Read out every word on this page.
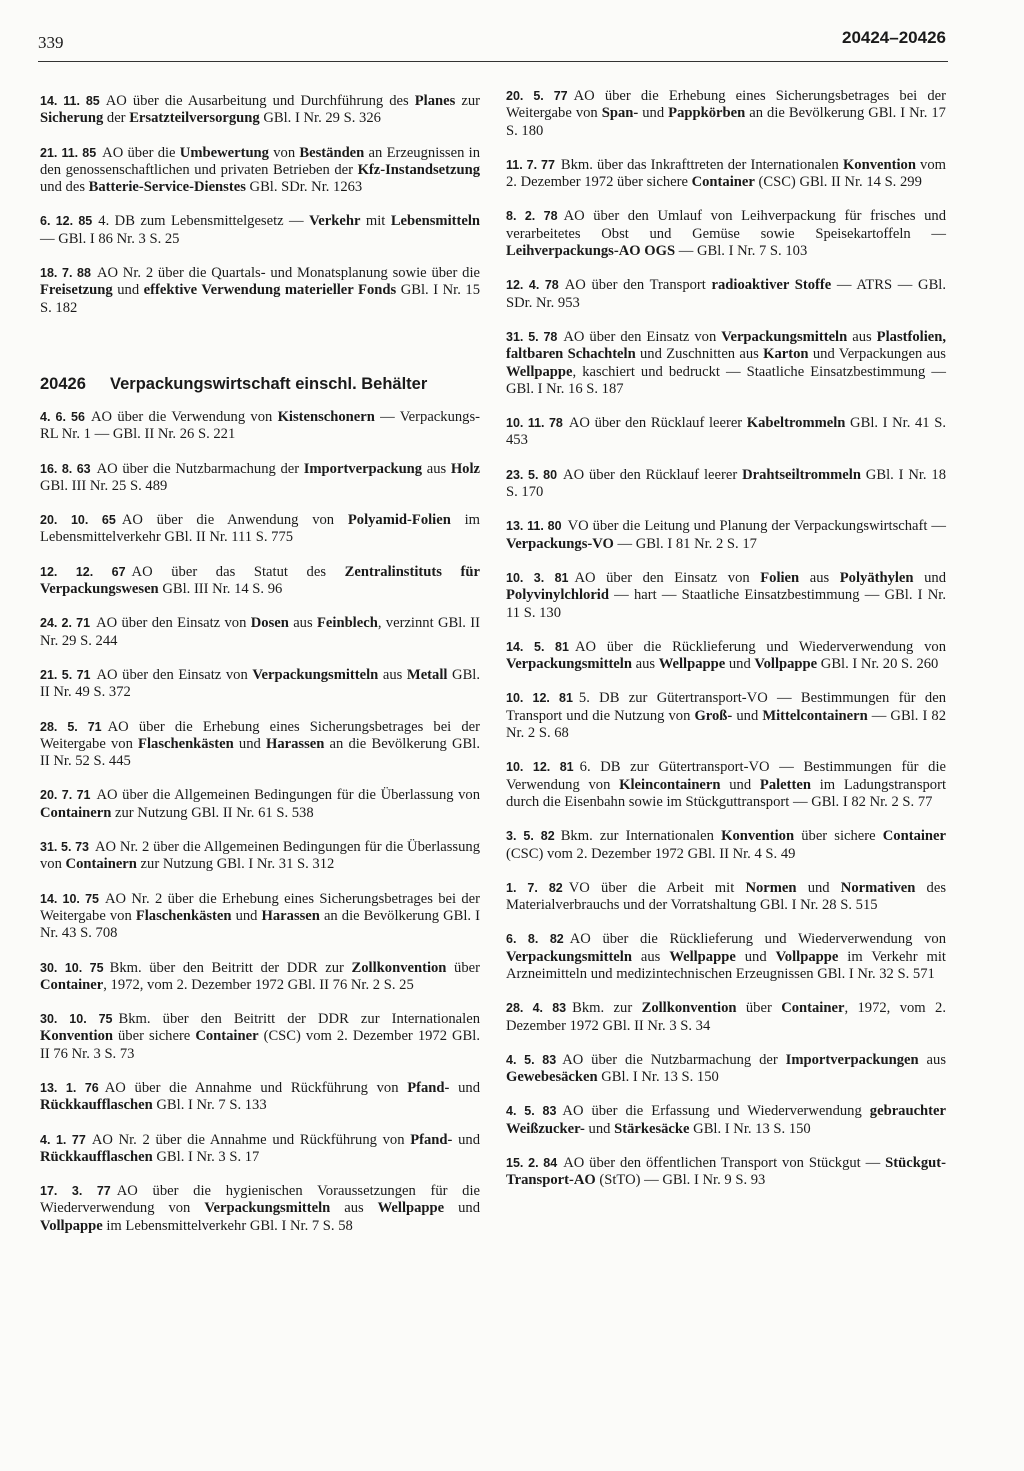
339	20424–20426
14. 11. 85 AO über die Ausarbeitung und Durchführung des Planes zur Sicherung der Ersatzteilversorgung GBl. I Nr. 29 S. 326
21. 11. 85 AO über die Umbewertung von Beständen an Erzeugnissen in den genossenschaftlichen und privaten Betrieben der Kfz-Instandsetzung und des Batterie-Service-Dienstes GBl. SDr. Nr. 1263
6. 12. 85 4. DB zum Lebensmittelgesetz — Verkehr mit Lebensmitteln — GBl. I 86 Nr. 3 S. 25
18. 7. 88 AO Nr. 2 über die Quartals- und Monatsplanung sowie über die Freisetzung und effektive Verwendung materieller Fonds GBl. I Nr. 15 S. 182
20426	Verpackungswirtschaft einschl. Behälter
4. 6. 56 AO über die Verwendung von Kistenschonern — Verpackungs-RL Nr. 1 — GBl. II Nr. 26 S. 221
16. 8. 63 AO über die Nutzbarmachung der Importverpackung aus Holz GBl. III Nr. 25 S. 489
20. 10. 65 AO über die Anwendung von Polyamid-Folien im Lebensmittelverkehr GBl. II Nr. 111 S. 775
12. 12. 67 AO über das Statut des Zentralinstituts für Verpackungswesen GBl. III Nr. 14 S. 96
24. 2. 71 AO über den Einsatz von Dosen aus Feinblech, verzinnt GBl. II Nr. 29 S. 244
21. 5. 71 AO über den Einsatz von Verpackungsmitteln aus Metall GBl. II Nr. 49 S. 372
28. 5. 71 AO über die Erhebung eines Sicherungsbetrages bei der Weitergabe von Flaschenkästen und Harassen an die Bevölkerung GBl. II Nr. 52 S. 445
20. 7. 71 AO über die Allgemeinen Bedingungen für die Überlassung von Containern zur Nutzung GBl. II Nr. 61 S. 538
31. 5. 73 AO Nr. 2 über die Allgemeinen Bedingungen für die Überlassung von Containern zur Nutzung GBl. I Nr. 31 S. 312
14. 10. 75 AO Nr. 2 über die Erhebung eines Sicherungsbetrages bei der Weitergabe von Flaschenkästen und Harassen an die Bevölkerung GBl. I Nr. 43 S. 708
30. 10. 75 Bkm. über den Beitritt der DDR zur Zollkonvention über Container, 1972, vom 2. Dezember 1972 GBl. II 76 Nr. 2 S. 25
30. 10. 75 Bkm. über den Beitritt der DDR zur Internationalen Konvention über sichere Container (CSC) vom 2. Dezember 1972 GBl. II 76 Nr. 3 S. 73
13. 1. 76 AO über die Annahme und Rückführung von Pfand- und Rückkaufflaschen GBl. I Nr. 7 S. 133
4. 1. 77 AO Nr. 2 über die Annahme und Rückführung von Pfand- und Rückkaufflaschen GBl. I Nr. 3 S. 17
17. 3. 77 AO über die hygienischen Voraussetzungen für die Wiederverwendung von Verpackungsmitteln aus Wellpappe und Vollpappe im Lebensmittelverkehr GBl. I Nr. 7 S. 58
20. 5. 77 AO über die Erhebung eines Sicherungsbetrages bei der Weitergabe von Span- und Pappkörben an die Bevölkerung GBl. I Nr. 17 S. 180
11. 7. 77 Bkm. über das Inkrafttreten der Internationalen Konvention vom 2. Dezember 1972 über sichere Container (CSC) GBl. II Nr. 14 S. 299
8. 2. 78 AO über den Umlauf von Leihverpackung für frisches und verarbeitetes Obst und Gemüse sowie Speisekartoffeln — Leihverpackungs-AO OGS — GBl. I Nr. 7 S. 103
12. 4. 78 AO über den Transport radioaktiver Stoffe — ATRS — GBl. SDr. Nr. 953
31. 5. 78 AO über den Einsatz von Verpackungsmitteln aus Plastfolien, faltbaren Schachteln und Zuschnitten aus Karton und Verpackungen aus Wellpappe, kaschiert und bedruckt — Staatliche Einsatzbestimmung — GBl. I Nr. 16 S. 187
10. 11. 78 AO über den Rücklauf leerer Kabeltrommeln GBl. I Nr. 41 S. 453
23. 5. 80 AO über den Rücklauf leerer Drahtseiltrommeln GBl. I Nr. 18 S. 170
13. 11. 80 VO über die Leitung und Planung der Verpackungswirtschaft — Verpackungs-VO — GBl. I 81 Nr. 2 S. 17
10. 3. 81 AO über den Einsatz von Folien aus Polyäthylen und Polyvinylchlorid — hart — Staatliche Einsatzbestimmung — GBl. I Nr. 11 S. 130
14. 5. 81 AO über die Rücklieferung und Wiederverwendung von Verpackungsmitteln aus Wellpappe und Vollpappe GBl. I Nr. 20 S. 260
10. 12. 81 5. DB zur Gütertransport-VO — Bestimmungen für den Transport und die Nutzung von Groß- und Mittelcontainern — GBl. I 82 Nr. 2 S. 68
10. 12. 81 6. DB zur Gütertransport-VO — Bestimmungen für die Verwendung von Kleincontainern und Paletten im Ladungstransport durch die Eisenbahn sowie im Stückguttransport — GBl. I 82 Nr. 2 S. 77
3. 5. 82 Bkm. zur Internationalen Konvention über sichere Container (CSC) vom 2. Dezember 1972 GBl. II Nr. 4 S. 49
1. 7. 82 VO über die Arbeit mit Normen und Normativen des Materialverbrauchs und der Vorratshaltung GBl. I Nr. 28 S. 515
6. 8. 82 AO über die Rücklieferung und Wiederverwendung von Verpackungsmitteln aus Wellpappe und Vollpappe im Verkehr mit Arzneimitteln und medizintechnischen Erzeugnissen GBl. I Nr. 32 S. 571
28. 4. 83 Bkm. zur Zollkonvention über Container, 1972, vom 2. Dezember 1972 GBl. II Nr. 3 S. 34
4. 5. 83 AO über die Nutzbarmachung der Importverpackungen aus Gewebesäcken GBl. I Nr. 13 S. 150
4. 5. 83 AO über die Erfassung und Wiederverwendung gebrauchter Weißzucker- und Stärkesäcke GBl. I Nr. 13 S. 150
15. 2. 84 AO über den öffentlichen Transport von Stückgut — Stückgut-Transport-AO (StTO) — GBl. I Nr. 9 S. 93
